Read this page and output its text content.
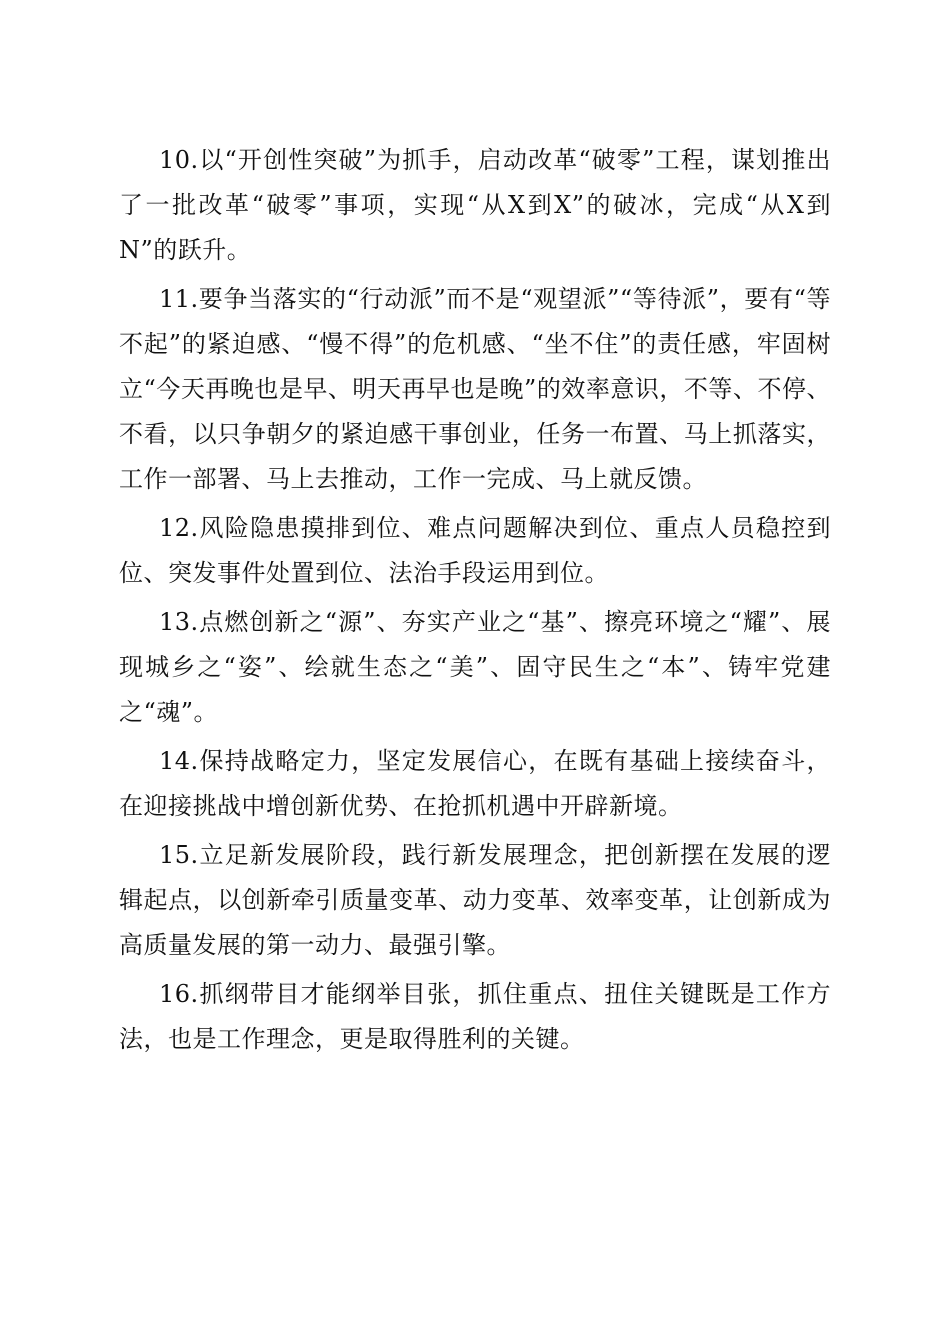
10.以“开创性突破”为抓手，启动改革“破零”工程，谋划推出了一批改革“破零”事项，实现“从X到X”的破冰，完成“从X到N”的跃升。

11.要争当落实的“行动派”而不是“观望派”“等待派”，要有“等不起”的紧迫感、“慢不得”的危机感、“坐不住”的责任感，牢固树立“今天再晚也是早、明天再早也是晚”的效率意识，不等、不停、不看，以只争朝夕的紧迫感干事创业，任务一布置、马上抓落实，工作一部署、马上去推动，工作一完成、马上就反馈。

12.风险隐患摸排到位、难点问题解决到位、重点人员稳控到位、突发事件处置到位、法治手段运用到位。

13.点燃创新之“源”、夯实产业之“基”、擦亮环境之“耀”、展现城乡之“姿”、绘就生态之“美”、固守民生之“本”、铸牢党建之“魂”。

14.保持战略定力，坚定发展信心，在既有基础上接续奋斗，在迎接挑战中增创新优势、在抢抓机遇中开辟新境。

15.立足新发展阶段，践行新发展理念，把创新摆在发展的逻辑起点，以创新牵引质量变革、动力变革、效率变革，让创新成为高质量发展的第一动力、最强引擎。

16.抓纲带目才能纲举目张，抓住重点、扭住关键既是工作方法，也是工作理念，更是取得胜利的关键。
